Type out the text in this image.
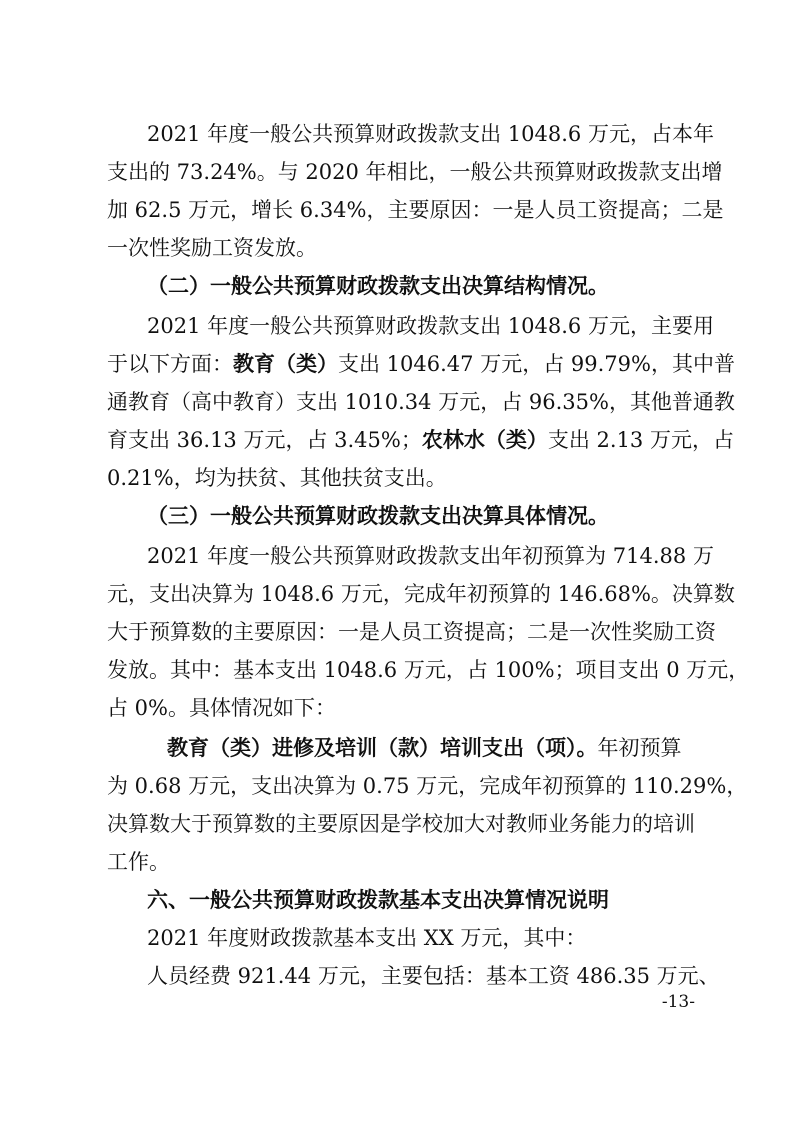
2021 年度一般公共预算财政拨款支出 1048.6 万元，占本年
支出的 73.24%。与 2020 年相比，一般公共预算财政拨款支出增
加 62.5 万元，增长 6.34%，主要原因：一是人员工资提高；二是
一次性奖励工资发放。
（二）一般公共预算财政拨款支出决算结构情况。
2021 年度一般公共预算财政拨款支出 1048.6 万元，主要用
于以下方面：教育（类）支出 1046.47 万元，占 99.79%，其中普
通教育（高中教育）支出 1010.34 万元，占 96.35%，其他普通教
育支出 36.13 万元，占 3.45%；农林水（类）支出 2.13 万元，占
0.21%，均为扶贫、其他扶贫支出。
（三）一般公共预算财政拨款支出决算具体情况。
2021 年度一般公共预算财政拨款支出年初预算为 714.88 万
元，支出决算为 1048.6 万元，完成年初预算的 146.68%。决算数
大于预算数的主要原因：一是人员工资提高；二是一次性奖励工资
发放。其中：基本支出 1048.6 万元，占 100%；项目支出 0 万元，
占 0%。具体情况如下：
教育（类）进修及培训（款）培训支出（项）。年初预算
为 0.68 万元，支出决算为 0.75 万元，完成年初预算的 110.29%，
决算数大于预算数的主要原因是学校加大对教师业务能力的培训
工作。
六、一般公共预算财政拨款基本支出决算情况说明
2021 年度财政拨款基本支出 XX 万元，其中：
人员经费 921.44 万元，主要包括：基本工资 486.35 万元、
-13-
